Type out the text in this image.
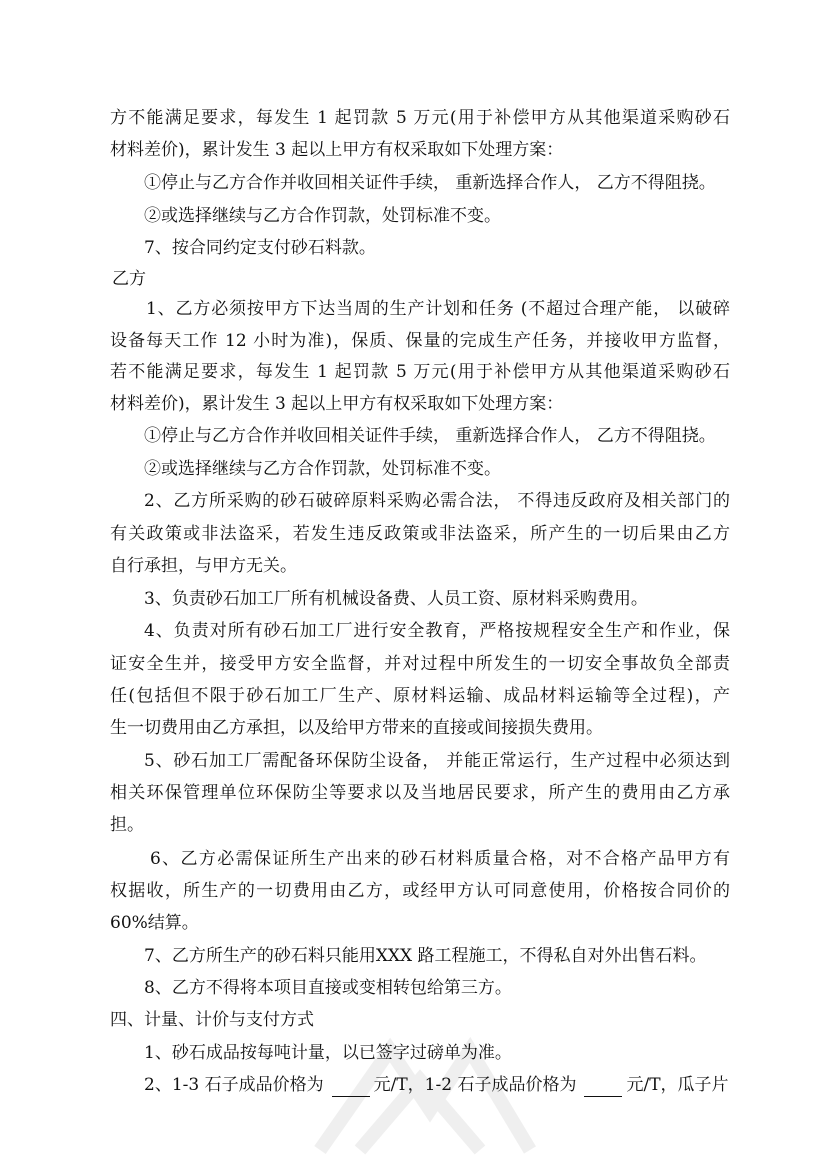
方不能满足要求，每发生 1 起罚款 5 万元(用于补偿甲方从其他渠道采购砂石
材料差价)，累计发生 3 起以上甲方有权采取如下处理方案：
①停止与乙方合作并收回相关证件手续， 重新选择合作人， 乙方不得阻挠。
②或选择继续与乙方合作罚款，处罚标准不变。
7、按合同约定支付砂石料款。
乙方
1、乙方必须按甲方下达当周的生产计划和任务 (不超过合理产能， 以破碎
设备每天工作 12 小时为准)，保质、保量的完成生产任务，并接收甲方监督，
若不能满足要求，每发生 1 起罚款 5 万元(用于补偿甲方从其他渠道采购砂石
材料差价)，累计发生 3 起以上甲方有权采取如下处理方案：
①停止与乙方合作并收回相关证件手续， 重新选择合作人， 乙方不得阻挠。
②或选择继续与乙方合作罚款，处罚标准不变。
2、乙方所采购的砂石破碎原料采购必需合法， 不得违反政府及相关部门的
有关政策或非法盗采，若发生违反政策或非法盗采，所产生的一切后果由乙方
自行承担，与甲方无关。
3、负责砂石加工厂所有机械设备费、人员工资、原材料采购费用。
4、负责对所有砂石加工厂进行安全教育，严格按规程安全生产和作业，保
证安全生并，接受甲方安全监督，并对过程中所发生的一切安全事故负全部责
任(包括但不限于砂石加工厂生产、原材料运输、成品材料运输等全过程)，产
生一切费用由乙方承担，以及给甲方带来的直接或间接损失费用。
5、砂石加工厂需配备环保防尘设备， 并能正常运行，生产过程中必须达到
相关环保管理单位环保防尘等要求以及当地居民要求，所产生的费用由乙方承
担。
6、乙方必需保证所生产出来的砂石材料质量合格，对不合格产品甲方有
权据收，所生产的一切费用由乙方，或经甲方认可同意使用，价格按合同价的
60%结算。
7、乙方所生产的砂石料只能用XXX 路工程施工，不得私自对外出售石料。
8、乙方不得将本项目直接或变相转包给第三方。
四、计量、计价与支付方式
1、砂石成品按每吨计量，以已签字过磅单为准。
2、1-3 石子成品价格为	元/T，1-2 石子成品价格为	元/T，瓜子片
